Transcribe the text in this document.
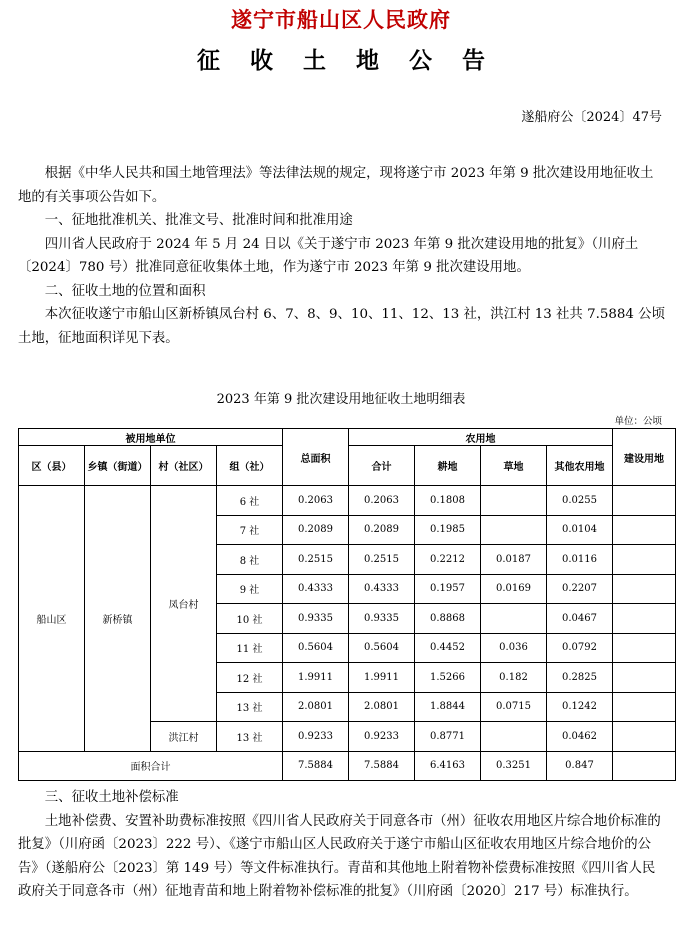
遂宁市船山区人民政府
征收土地公告
遂船府公〔2024〕47号

根据《中华人民共和国土地管理法》等法律法规的规定，现将遂宁市 2023 年第 9 批次建设用地征收土地的有关事项公告如下。

一、征地批准机关、批准文号、批准时间和批准用途

四川省人民政府于 2024 年 5 月 24 日以《关于遂宁市 2023 年第 9 批次建设用地的批复》（川府土〔2024〕780 号）批准同意征收集体土地，作为遂宁市 2023 年第 9 批次建设用地。

二、征收土地的位置和面积

本次征收遂宁市船山区新桥镇凤台村 6、7、8、9、10、11、12、13 社，洪江村 13 社共 7.5884 公顷土地，征地面积详见下表。

2023 年第 9 批次建设用地征收土地明细表
单位：公顷
被用地单位				总面积	农用地				建设用地
区（县）	乡镇（街道）	村（社区）	组（社）		合计	耕地	草地	其他农用地	
船山区	新桥镇	凤台村	6 社	0.2063	0.2063	0.1808		0.0255	
			7 社	0.2089	0.2089	0.1985		0.0104	
			8 社	0.2515	0.2515	0.2212	0.0187	0.0116	
			9 社	0.4333	0.4333	0.1957	0.0169	0.2207	
			10 社	0.9335	0.9335	0.8868		0.0467	
			11 社	0.5604	0.5604	0.4452	0.036	0.0792	
			12 社	1.9911	1.9911	1.5266	0.182	0.2825	
			13 社	2.0801	2.0801	1.8844	0.0715	0.1242	
		洪江村	13 社	0.9233	0.9233	0.8771		0.0462	
面积合计				7.5884	7.5884	6.4163	0.3251	0.847	

三、征收土地补偿标准

土地补偿费、安置补助费标准按照《四川省人民政府关于同意各市（州）征收农用地区片综合地价标准的批复》（川府函〔2023〕222 号）、《遂宁市船山区人民政府关于遂宁市船山区征收农用地区片综合地价的公告》（遂船府公〔2023〕第 149 号）等文件标准执行。青苗和其他地上附着物补偿费标准按照《四川省人民政府关于同意各市（州）征地青苗和地上附着物补偿标准的批复》（川府函〔2020〕217 号）标准执行。
